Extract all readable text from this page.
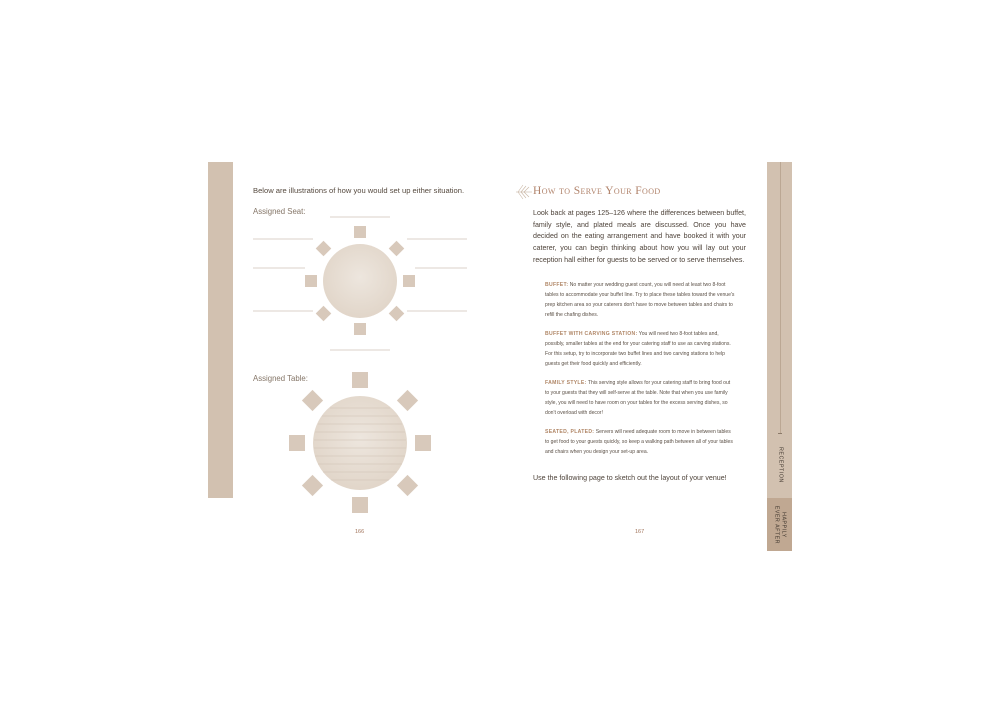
Below are illustrations of how you would set up either situation.
Assigned Seat:
Assigned Table:
166
How to Serve Your Food
Look back at pages 125–126 where the differences between buffet, family style, and plated meals are discussed. Once you have decided on the eating arrangement and have booked it with your caterer, you can begin thinking about how you will lay out your reception hall either for guests to be served or to serve themselves.
BUFFET: No matter your wedding guest count, you will need at least two 8-foot tables to accommodate your buffet line. Try to place these tables toward the venue's prep kitchen area so your caterers don't have to move between tables and chairs to refill the chafing dishes.
BUFFET WITH CARVING STATION: You will need two 8-foot tables and, possibly, smaller tables at the end for your catering staff to use as carving stations. For this setup, try to incorporate two buffet lines and two carving stations to help guests get their food quickly and efficiently.
FAMILY STYLE: This serving style allows for your catering staff to bring food out to your guests that they will self-serve at the table. Note that when you use family style, you will need to have room on your tables for the excess serving dishes, so don't overload with decor!
SEATED, PLATED: Servers will need adequate room to move in between tables to get food to your guests quickly, so keep a walking path between all of your tables and chairs when you design your set-up area.
Use the following page to sketch out the layout of your venue!
167
RECEPTION
HAPPILY
EVER AFTER
